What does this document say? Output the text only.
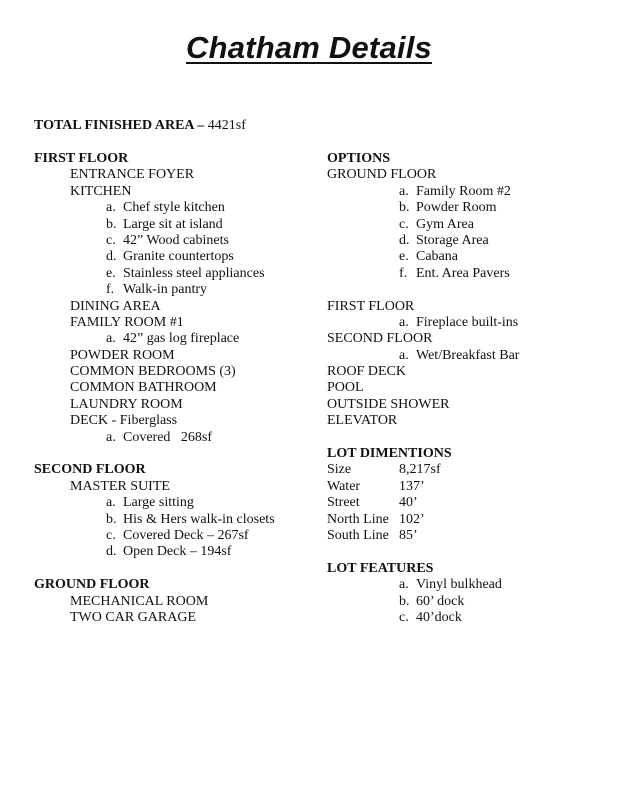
Chatham Details
TOTAL FINISHED AREA – 4421sf
FIRST FLOOR
ENTRANCE FOYER
KITCHEN
a. Chef style kitchen
b. Large sit at island
c. 42” Wood cabinets
d. Granite countertops
e. Stainless steel appliances
f. Walk-in pantry
DINING AREA
FAMILY ROOM #1
a. 42” gas log fireplace
POWDER ROOM
COMMON BEDROOMS (3)
COMMON BATHROOM
LAUNDRY ROOM
DECK - Fiberglass
a. Covered   268sf
SECOND FLOOR
MASTER SUITE
a. Large sitting
b. His & Hers walk-in closets
c. Covered Deck – 267sf
d. Open Deck – 194sf
GROUND FLOOR
MECHANICAL ROOM
TWO CAR GARAGE
OPTIONS
GROUND FLOOR
a. Family Room #2
b. Powder Room
c. Gym Area
d. Storage Area
e. Cabana
f. Ent. Area Pavers
FIRST FLOOR
a. Fireplace built-ins
SECOND FLOOR
a. Wet/Breakfast Bar
ROOF DECK
POOL
OUTSIDE SHOWER
ELEVATOR
LOT DIMENTIONS
Size	8,217sf
Water	137’
Street	40’
North Line 102’
South Line 85’
LOT FEATURES
a. Vinyl bulkhead
b. 60’ dock
c. 40’dock
